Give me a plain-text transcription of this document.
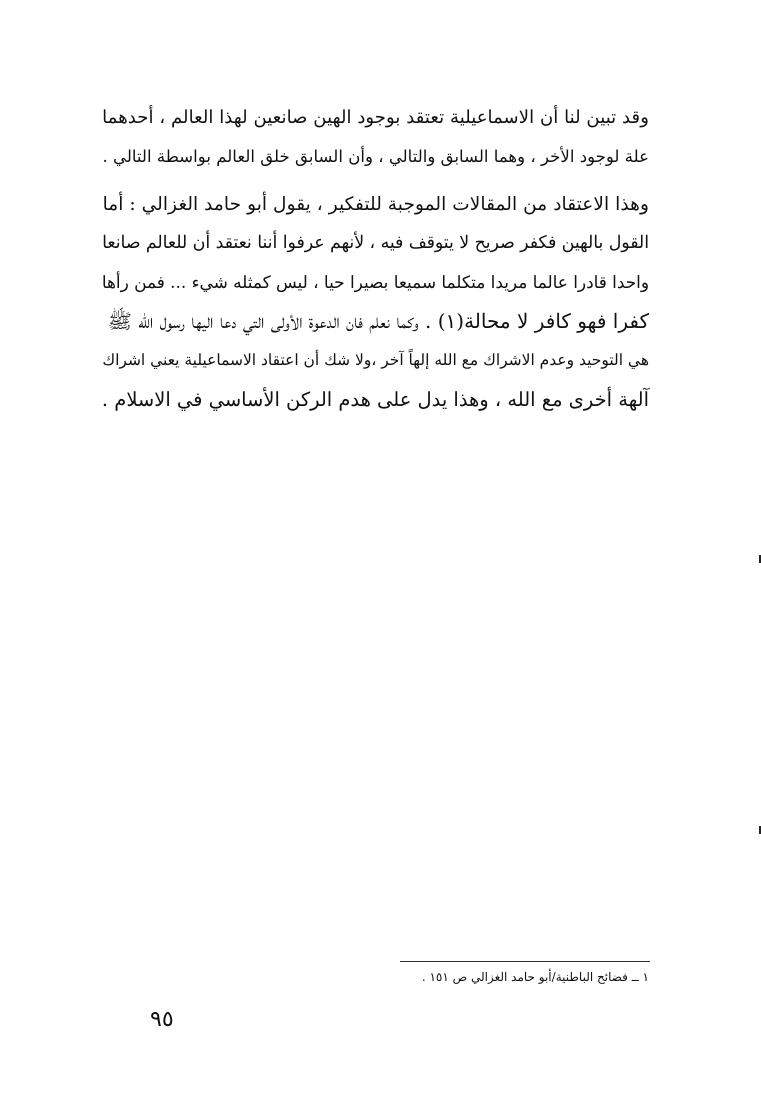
وقد تبين لنا أن الاسماعيلية تعتقد بوجود الهين صانعين لهذا العالم ، أحدهما
علة لوجود الأخر ، وهما السابق والتالي ، وأن السابق خلق العالم بواسطة التالي .
وهذا الاعتقاد من المقالات الموجبة للتفكير ، يقول أبو حامد الغزالي : أما
القول بالهين فكفر صريح لا يتوقف فيه ، لأنهم عرفوا أننا نعتقد أن للعالم صانعا
واحدا قادرا عالما مريدا متكلما سميعا بصيرا حيا ، ليس كمثله شيء ... فمن رأها
كفرا فهو كافر لا محالة(١) . وكما نعلم فان الدعوة الأولى التي دعا اليها رسول الله ﷺ
هي التوحيد وعدم الاشراك مع الله إلهاً آخر ،ولا شك أن اعتقاد الاسماعيلية يعني اشراك
آلهة أخرى مع الله ، وهذا يدل على هدم الركن الأساسي في الاسلام .
١ ــ فضائح الباطنية/أبو حامد الغزالي ص ١٥١ .
٩٥
